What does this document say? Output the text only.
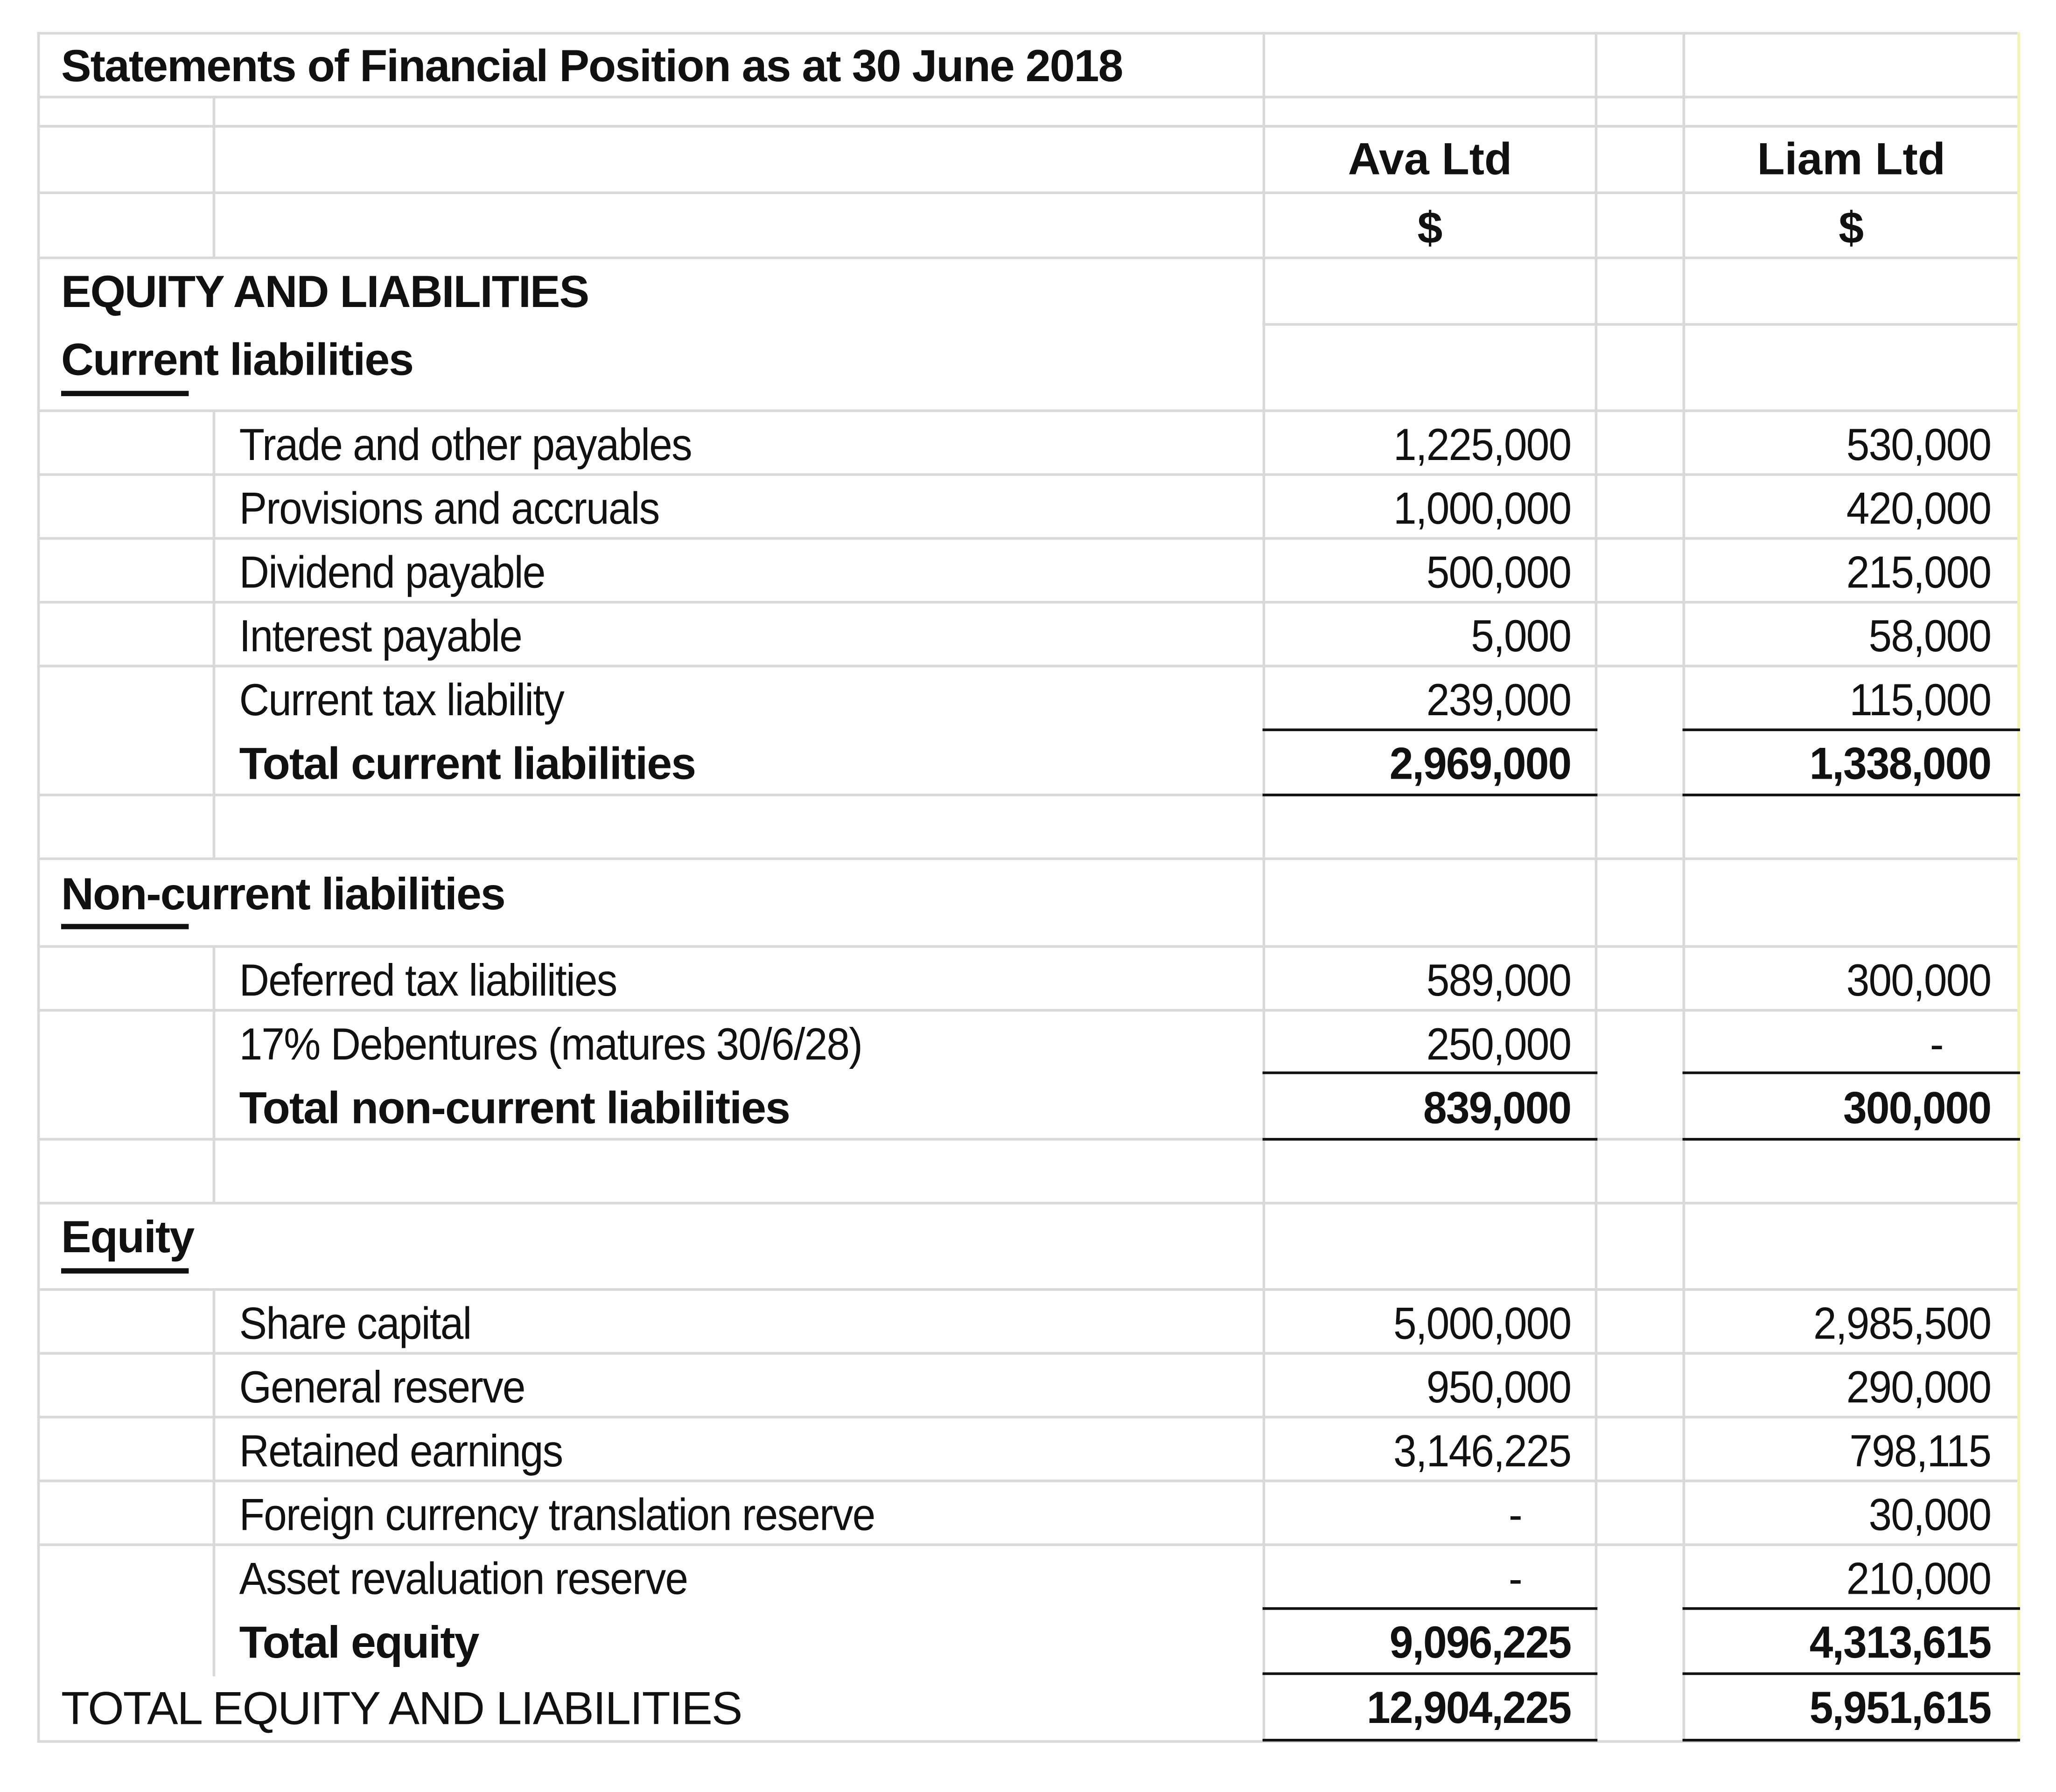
Statements of Financial Position as at 30 June 2018
Ava Ltd
$
Liam Ltd
$
EQUITY AND LIABILITIES
Current liabilities
Trade and other payables	1,225,000	530,000
Provisions and accruals	1,000,000	420,000
Dividend payable	500,000	215,000
Interest payable	5,000	58,000
Current tax liability	239,000	115,000
Total current liabilities	2,969,000	1,338,000
Non-current liabilities
Deferred tax liabilities	589,000	300,000
17% Debentures (matures 30/6/28)	250,000	-
Total non-current liabilities	839,000	300,000
Equity
Share capital	5,000,000	2,985,500
General reserve	950,000	290,000
Retained earnings	3,146,225	798,115
Foreign currency translation reserve	-	30,000
Asset revaluation reserve	-	210,000
Total equity	9,096,225	4,313,615
TOTAL EQUITY AND LIABILITIES	12,904,225	5,951,615
